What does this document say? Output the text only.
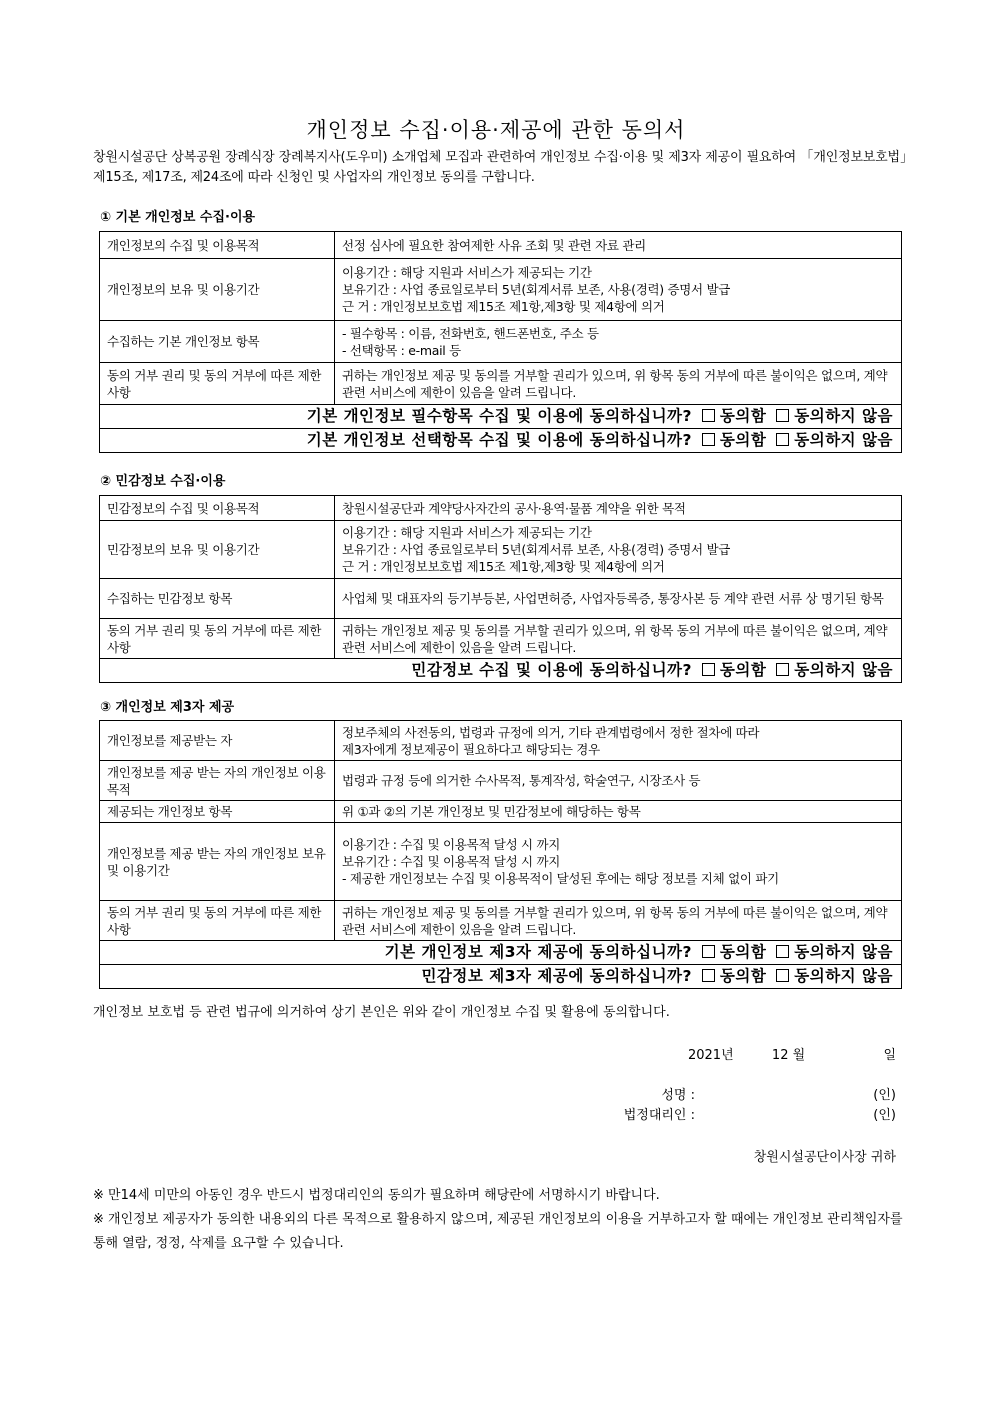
개인정보 수집·이용·제공에 관한 동의서
창원시설공단 상복공원 장례식장 장례복지사(도우미) 소개업체 모집과 관련하여 개인정보 수집·이용 및 제3자 제공이 필요하여 「개인정보보호법」 제15조, 제17조, 제24조에 따라 신청인 및 사업자의 개인정보 동의를 구합니다.
① 기본 개인정보 수집·이용
개인정보의 수집 및 이용목적	선정 심사에 필요한 참여제한 사유 조회 및 관련 자료 관리

개인정보의 보유 및 이용기간	이용기간 : 해당 지원과 서비스가 제공되는 기간
보유기간 : 사업 종료일로부터 5년(회계서류 보존, 사용(경력) 증명서 발급
근 거 : 개인정보보호법 제15조 제1항,제3항 및 제4항에 의거

수집하는 기본 개인정보 항목	- 필수항목 : 이름, 전화번호, 핸드폰번호, 주소 등
- 선택항목 : e-mail 등

동의 거부 권리 및 동의 거부에 따른 제한사항	귀하는 개인정보 제공 및 동의를 거부할 권리가 있으며, 위 항목 동의 거부에 따른 불이익은 없으며, 계약 관련 서비스에 제한이 있음을 알려 드립니다.
기본 개인정보 필수항목 수집 및 이용에 동의하십니까? 동의함 동의하지 않음	
기본 개인정보 선택항목 수집 및 이용에 동의하십니까? 동의함 동의하지 않음	
② 민감정보 수집·이용
민감정보의 수집 및 이용목적	창원시설공단과 계약당사자간의 공사·용역·물품 계약을 위한 목적
민감정보의 보유 및 이용기간	이용기간 : 해당 지원과 서비스가 제공되는 기간
보유기간 : 사업 종료일로부터 5년(회계서류 보존, 사용(경력) 증명서 발급
근 거 : 개인정보보호법 제15조 제1항,제3항 및 제4항에 의거

수집하는 민감정보 항목	사업체 및 대표자의 등기부등본, 사업면허증, 사업자등록증, 통장사본 등 계약 관련 서류 상 명기된 항목
동의 거부 권리 및 동의 거부에 따른 제한사항	귀하는 개인정보 제공 및 동의를 거부할 권리가 있으며, 위 항목 동의 거부에 따른 불이익은 없으며, 계약 관련 서비스에 제한이 있음을 알려 드립니다.
민감정보 수집 및 이용에 동의하십니까? 동의함 동의하지 않음	
③ 개인정보 제3자 제공
개인정보를 제공받는 자	정보주체의 사전동의, 법령과 규정에 의거, 기타 관계법령에서 정한 절차에 따라
제3자에게 정보제공이 필요하다고 해당되는 경우

개인정보를 제공 받는 자의 개인정보 이용 목적	법령과 규정 등에 의거한 수사목적, 통계작성, 학술연구, 시장조사 등
제공되는 개인정보 항목	위 ①과 ②의 기본 개인정보 및 민감정보에 해당하는 항목
개인정보를 제공 받는 자의 개인정보 보유 및 이용기간	이용기간 : 수집 및 이용목적 달성 시 까지
보유기간 : 수집 및 이용목적 달성 시 까지
- 제공한 개인정보는 수집 및 이용목적이 달성된 후에는 해당 정보를 지체 없이 파기

동의 거부 권리 및 동의 거부에 따른 제한사항	귀하는 개인정보 제공 및 동의를 거부할 권리가 있으며, 위 항목 동의 거부에 따른 불이익은 없으며, 계약 관련 서비스에 제한이 있음을 알려 드립니다.
기본 개인정보 제3자 제공에 동의하십니까? 동의함 동의하지 않음	
민감정보 제3자 제공에 동의하십니까? 동의함 동의하지 않음	
개인정보 보호법 등 관련 법규에 의거하여 상기 본인은 위와 같이 개인정보 수집 및 활용에 동의합니다.
2021년	12 월	일
성명 :	(인)
법정대리인 :	(인)
창원시설공단이사장 귀하
※ 만14세 미만의 아동인 경우 반드시 법정대리인의 동의가 필요하며 해당란에 서명하시기 바랍니다.
※ 개인정보 제공자가 동의한 내용외의 다른 목적으로 활용하지 않으며, 제공된 개인정보의 이용을 거부하고자 할 때에는 개인정보 관리책임자를 통해 열람, 정정, 삭제를 요구할 수 있습니다.
